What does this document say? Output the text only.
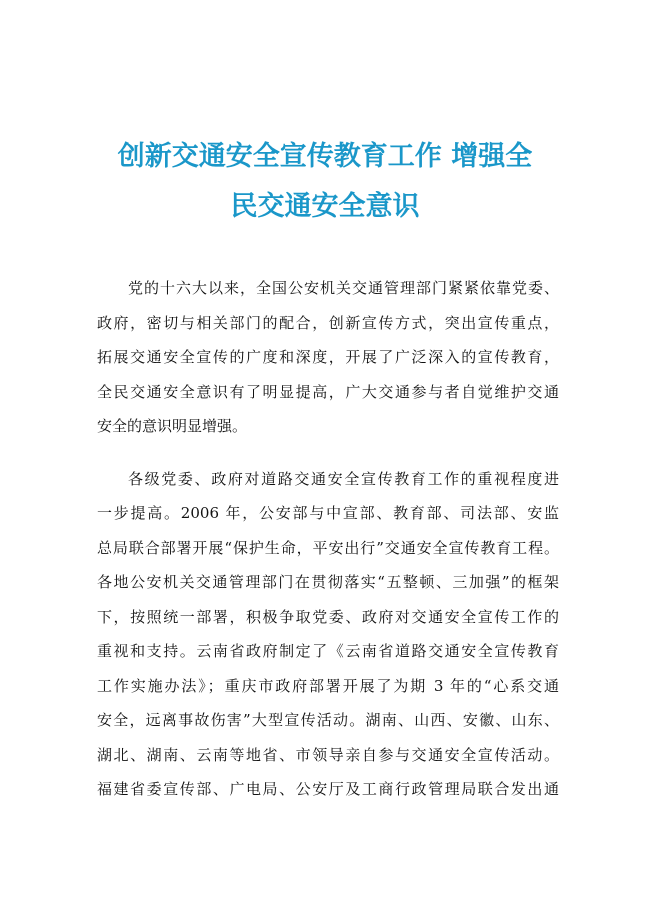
创新交通安全宣传教育工作 增强全
民交通安全意识

党的十六大以来，全国公安机关交通管理部门紧紧依靠党委、
政府，密切与相关部门的配合，创新宣传方式，突出宣传重点，
拓展交通安全宣传的广度和深度，开展了广泛深入的宣传教育，
全民交通安全意识有了明显提高，广大交通参与者自觉维护交通
安全的意识明显增强。

各级党委、政府对道路交通安全宣传教育工作的重视程度进
一步提高。2006 年，公安部与中宣部、教育部、司法部、安监
总局联合部署开展“保护生命，平安出行”交通安全宣传教育工程。
各地公安机关交通管理部门在贯彻落实“五整顿、三加强”的框架
下，按照统一部署，积极争取党委、政府对交通安全宣传工作的
重视和支持。云南省政府制定了《云南省道路交通安全宣传教育
工作实施办法》；重庆市政府部署开展了为期 3 年的“心系交通
安全，远离事故伤害”大型宣传活动。湖南、山西、安徽、山东、
湖北、湖南、云南等地省、市领导亲自参与交通安全宣传活动。
福建省委宣传部、广电局、公安厅及工商行政管理局联合发出通
